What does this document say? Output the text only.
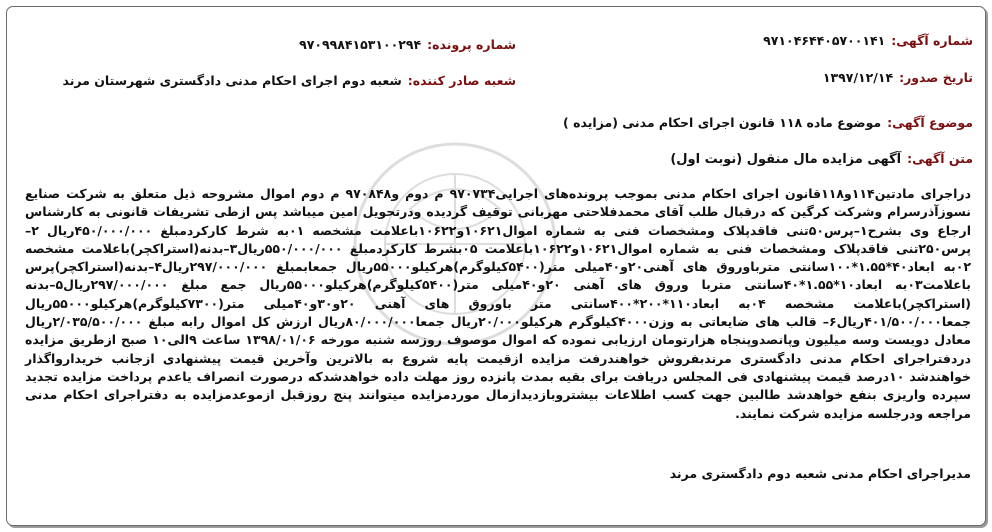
شماره آگهی:۹۷۱۰۴۶۴۴۰۵۷۰۰۱۴۱
تاریخ صدور:۱۳۹۷/۱۲/۱۴
شماره پرونده:۹۷۰۹۹۸۴۱۵۳۱۰۰۲۹۴
شعبه صادر کننده:شعبه دوم اجرای احکام مدنی دادگستری شهرستان مرند
موضوع آگهی:موضوع ماده ۱۱۸ قانون اجرای احکام مدنی (مزایده )
متن آگهی:آگهی مزایده مال منقول (نوبت اول)

دراجرای مادتین۱۱۴و۱۱۸قانون اجرای احکام مدنی بموجب پرونده‌های اجرایی۹۷۰۷۳۴ م دوم و۹۷۰۸۴۸ م دوم اموال مشروحه ذیل متعلق به شرکت صنایع نسوزآذرسرام وشرکت کرگین که درقبال طلب آقای محمدفلاحتی مهربانی توقیف گردیده ودرتحویل امین میباشد پس ازطی تشریفات قانونی به کارشناس ارجاع وی بشرح۱–پرس۵۰تنی فاقدپلاک ومشخصات فنی به شماره اموال۱۰۶۲۱و۱۰۶۲۲باعلامت مشخصه ۰۱به شرط کارکردمبلغ ۴۵۰/۰۰۰/۰۰۰ریال ۲–پرس۲۵۰تنی فاقدپلاک ومشخصات فنی به شماره اموال۱۰۶۲۱و۱۰۶۲۲باعلامت ۰۵بشرط کارکردمبلغ ۵۵۰/۰۰۰/۰۰۰ریال۳–بدنه(استراکچر)باعلامت مشخصه ۰۲به ابعاد۴۰*۱.۵۵*۱۰۰سانتی مترباوروق های آهنی۲۰و۴۰میلی متر(۵۴۰۰کیلوگرم)هرکیلو۵۵۰۰۰ریال جمعابمبلغ ۲۹۷/۰۰۰/۰۰۰ریال۴–بدنه(استراکچر)پرس باعلامت۰۳به ابعاد۱۰*۱.۵۵*۴۰سانتی متربا وروق های آهنی ۲۰و۴۰میلی متر(۵۴۰۰کیلوگرم)هرکیلو۵۵۰۰۰ریال جمع مبلغ ۲۹۷/۰۰۰/۰۰۰ریال۵–بدنه (استراکچر)باعلامت مشخصه ۰۴به ابعاد۱۱۰*۲۰۰*۴۰۰سانتی متر باوروق های آهنی ۲۰و۳۰و۴۰میلی متر(۷۳۰۰کیلوگرم)هرکیلو۵۵۰۰۰ریال جمعا۴۰۱/۵۰۰/۰۰۰ریال۶– قالب های ضایعاتی به وزن۴۰۰۰کیلوگرم هرکیلو۲۰/۰۰۰ریال جمعا۸۰/۰۰۰/۰۰۰ریال ارزش کل اموال رابه مبلغ ۲/۰۳۵/۵۰۰/۰۰۰ریال معادل دویست وسه میلیون وپانصدوپنجاه هزارتومان ارزیابی نموده که اموال موصوف روزسه شنبه مورخه ۱۳۹۸/۰۱/۰۶ ساعت ۹الی۱۰ صبح ازطریق مزایده دردفتراجرای احکام مدنی دادگستری مرندبفروش خواهندرفت مزایده ازقیمت پایه شروع به بالاترین وآخرین قیمت پیشنهادی ازجانب خریدارواگذار خواهندشد ۱۰درصد قیمت پیشنهادی فی المجلس دریافت برای بقیه بمدت پانزده روز مهلت داده خواهدشدکه درصورت انصراف یاعدم پرداخت مزایده تجدید سپرده واریزی بنفع خواهدشد طالبین جهت کسب اطلاعات بیشتروبازدیدازمال موردمزایده میتوانند پنج روزقبل ازموعدمزایده به دفتراجرای احکام مدنی مراجعه ودرجلسه مزایده شرکت نمایند.

مدیراجرای احکام مدنی شعبه دوم دادگستری مرند
